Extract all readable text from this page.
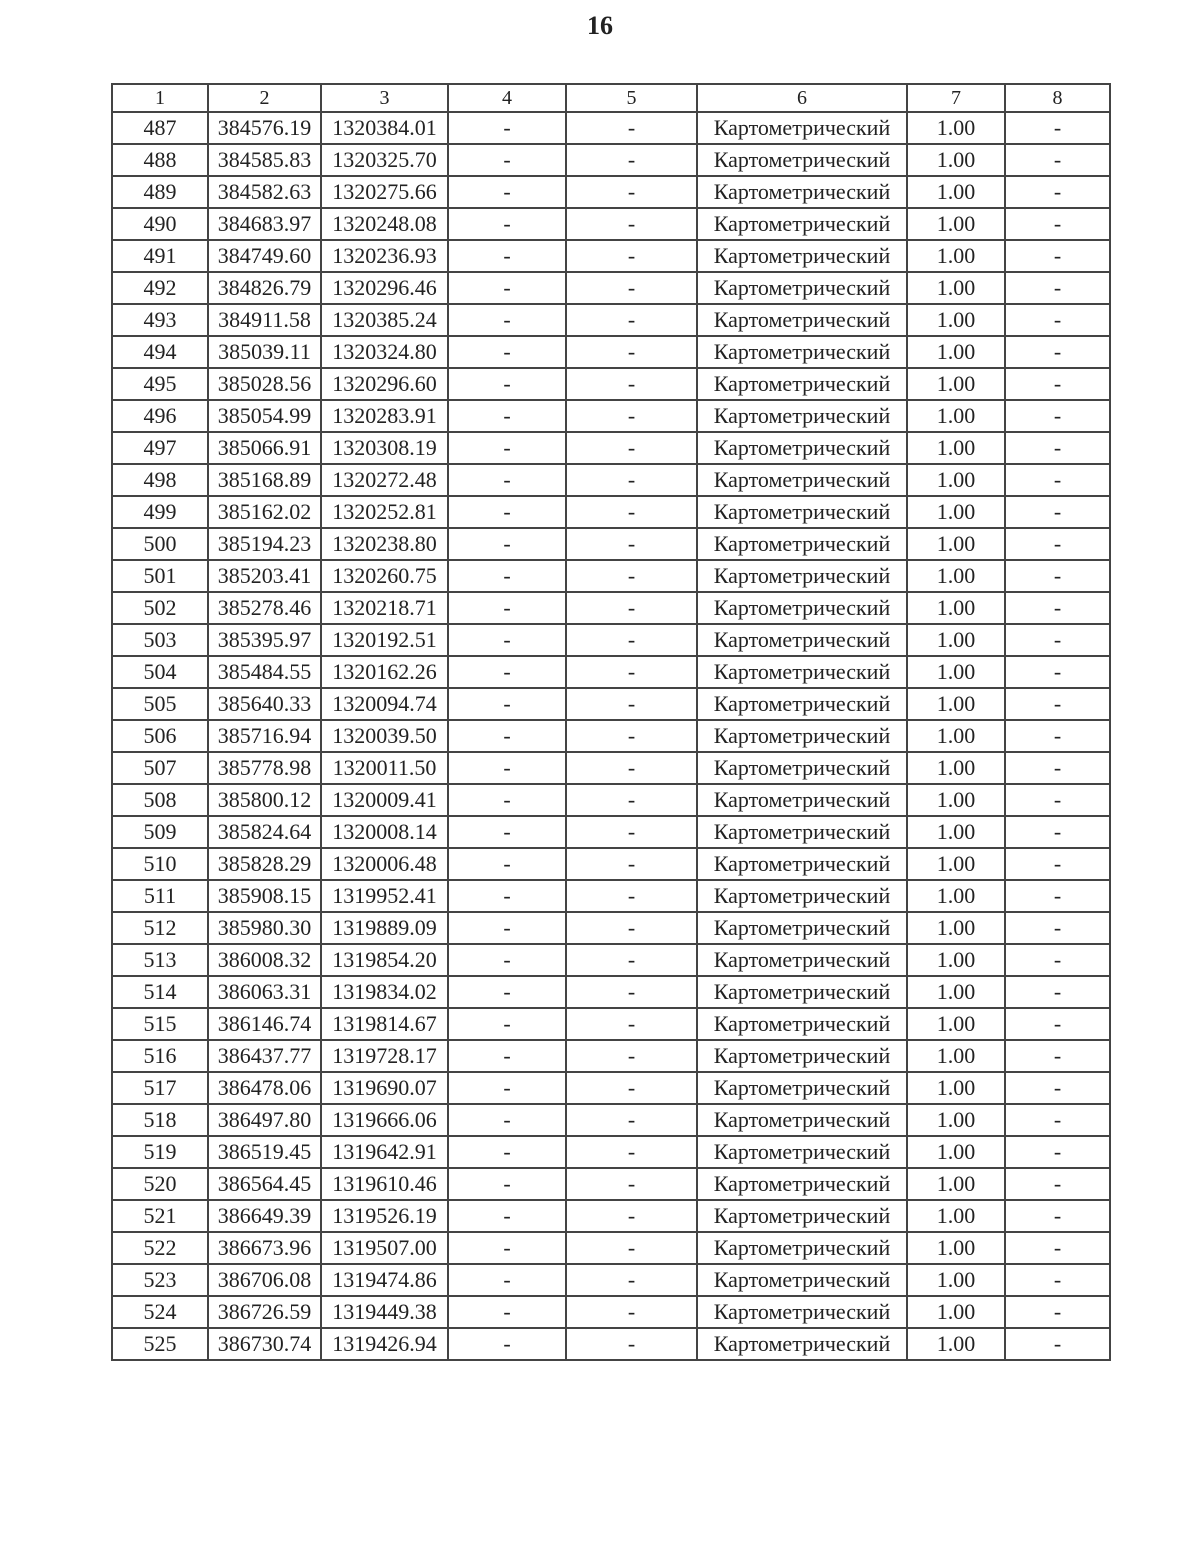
16
1	2	3	4	5	6	7	8
487	384576.19	1320384.01	-	-	Картометрический	1.00	-
488	384585.83	1320325.70	-	-	Картометрический	1.00	-
489	384582.63	1320275.66	-	-	Картометрический	1.00	-
490	384683.97	1320248.08	-	-	Картометрический	1.00	-
491	384749.60	1320236.93	-	-	Картометрический	1.00	-
492	384826.79	1320296.46	-	-	Картометрический	1.00	-
493	384911.58	1320385.24	-	-	Картометрический	1.00	-
494	385039.11	1320324.80	-	-	Картометрический	1.00	-
495	385028.56	1320296.60	-	-	Картометрический	1.00	-
496	385054.99	1320283.91	-	-	Картометрический	1.00	-
497	385066.91	1320308.19	-	-	Картометрический	1.00	-
498	385168.89	1320272.48	-	-	Картометрический	1.00	-
499	385162.02	1320252.81	-	-	Картометрический	1.00	-
500	385194.23	1320238.80	-	-	Картометрический	1.00	-
501	385203.41	1320260.75	-	-	Картометрический	1.00	-
502	385278.46	1320218.71	-	-	Картометрический	1.00	-
503	385395.97	1320192.51	-	-	Картометрический	1.00	-
504	385484.55	1320162.26	-	-	Картометрический	1.00	-
505	385640.33	1320094.74	-	-	Картометрический	1.00	-
506	385716.94	1320039.50	-	-	Картометрический	1.00	-
507	385778.98	1320011.50	-	-	Картометрический	1.00	-
508	385800.12	1320009.41	-	-	Картометрический	1.00	-
509	385824.64	1320008.14	-	-	Картометрический	1.00	-
510	385828.29	1320006.48	-	-	Картометрический	1.00	-
511	385908.15	1319952.41	-	-	Картометрический	1.00	-
512	385980.30	1319889.09	-	-	Картометрический	1.00	-
513	386008.32	1319854.20	-	-	Картометрический	1.00	-
514	386063.31	1319834.02	-	-	Картометрический	1.00	-
515	386146.74	1319814.67	-	-	Картометрический	1.00	-
516	386437.77	1319728.17	-	-	Картометрический	1.00	-
517	386478.06	1319690.07	-	-	Картометрический	1.00	-
518	386497.80	1319666.06	-	-	Картометрический	1.00	-
519	386519.45	1319642.91	-	-	Картометрический	1.00	-
520	386564.45	1319610.46	-	-	Картометрический	1.00	-
521	386649.39	1319526.19	-	-	Картометрический	1.00	-
522	386673.96	1319507.00	-	-	Картометрический	1.00	-
523	386706.08	1319474.86	-	-	Картометрический	1.00	-
524	386726.59	1319449.38	-	-	Картометрический	1.00	-
525	386730.74	1319426.94	-	-	Картометрический	1.00	-
